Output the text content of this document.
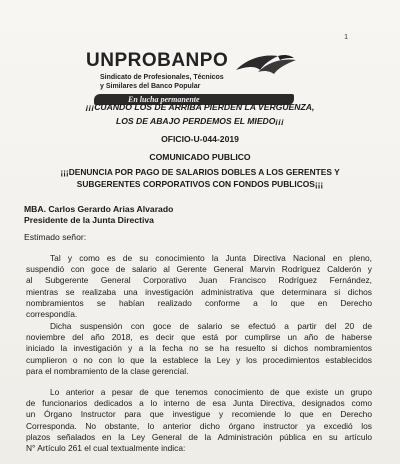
1
UNPROBANPO
Sindicato de Profesionales, Técnicos
y Similares del Banco Popular
En lucha permanente
¡¡¡CUANDO LOS DE ARRIBA PIERDEN LA VERGÜENZA,
LOS DE ABAJO PERDEMOS EL MIEDO¡¡¡
OFICIO-U-044-2019
COMUNICADO PUBLICO
¡¡¡DENUNCIA POR PAGO DE SALARIOS DOBLES A LOS GERENTES Y
SUBGERENTES CORPORATIVOS CON FONDOS PUBLICOS¡¡¡
MBA. Carlos Gerardo Arias Alvarado
Presidente de la Junta Directiva
Estimado señor:
Tal y como es de su conocimiento la Junta Directiva Nacional en pleno,
suspendió con goce de salario al Gerente General Marvin Rodríguez Calderón y
al Subgerente General Corporativo Juan Francisco Rodríguez Fernández,
mientras se realizaba una investigación administrativa que determinara si dichos
nombramientos se habían realizado conforme a lo que en Derecho
correspondía.
Dicha suspensión con goce de salario se efectuó a partir del 20 de
noviembre del año 2018, es decir que está por cumplirse un año de haberse
iniciado la investigación y a la fecha no se ha resuelto si dichos nombramientos
cumplieron o no con lo que la establece la Ley y los procedimientos establecidos
para el nombramiento de la clase gerencial.
Lo anterior a pesar de que tenemos conocimiento de que existe un grupo
de funcionarios dedicados a lo interno de esa Junta Directiva, designados como
un Órgano Instructor para que investigue y recomiende lo que en Derecho
Corresponda. No obstante, lo anterior dicho órgano instructor ya excedió los
plazos señalados en la Ley General de la Administración pública en su artículo
N° Artículo 261 el cual textualmente indica:
